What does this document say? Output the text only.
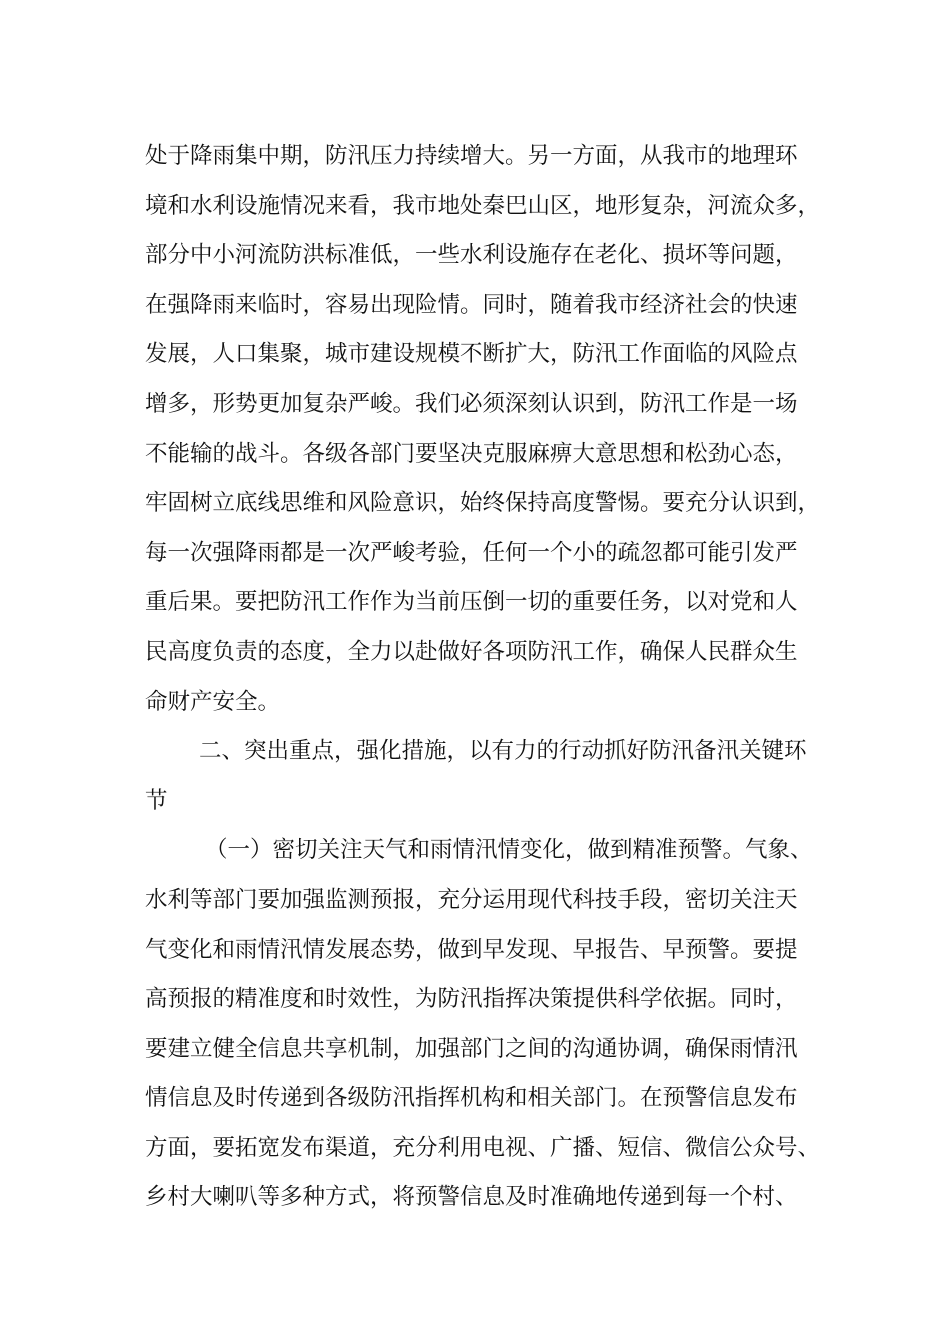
处于降雨集中期，防汛压力持续增大。另一方面，从我市的地理环

境和水利设施情况来看，我市地处秦巴山区，地形复杂，河流众多，

部分中小河流防洪标准低，一些水利设施存在老化、损坏等问题，

在强降雨来临时，容易出现险情。同时，随着我市经济社会的快速

发展，人口集聚，城市建设规模不断扩大，防汛工作面临的风险点

增多，形势更加复杂严峻。我们必须深刻认识到，防汛工作是一场

不能输的战斗。各级各部门要坚决克服麻痹大意思想和松劲心态，

牢固树立底线思维和风险意识，始终保持高度警惕。要充分认识到，

每一次强降雨都是一次严峻考验，任何一个小的疏忽都可能引发严

重后果。要把防汛工作作为当前压倒一切的重要任务，以对党和人

民高度负责的态度，全力以赴做好各项防汛工作，确保人民群众生

命财产安全。

二、突出重点，强化措施，以有力的行动抓好防汛备汛关键环

节

（一）密切关注天气和雨情汛情变化，做到精准预警。气象、

水利等部门要加强监测预报，充分运用现代科技手段，密切关注天

气变化和雨情汛情发展态势，做到早发现、早报告、早预警。要提

高预报的精准度和时效性，为防汛指挥决策提供科学依据。同时，

要建立健全信息共享机制，加强部门之间的沟通协调，确保雨情汛

情信息及时传递到各级防汛指挥机构和相关部门。在预警信息发布

方面，要拓宽发布渠道，充分利用电视、广播、短信、微信公众号、

乡村大喇叭等多种方式，将预警信息及时准确地传递到每一个村、
